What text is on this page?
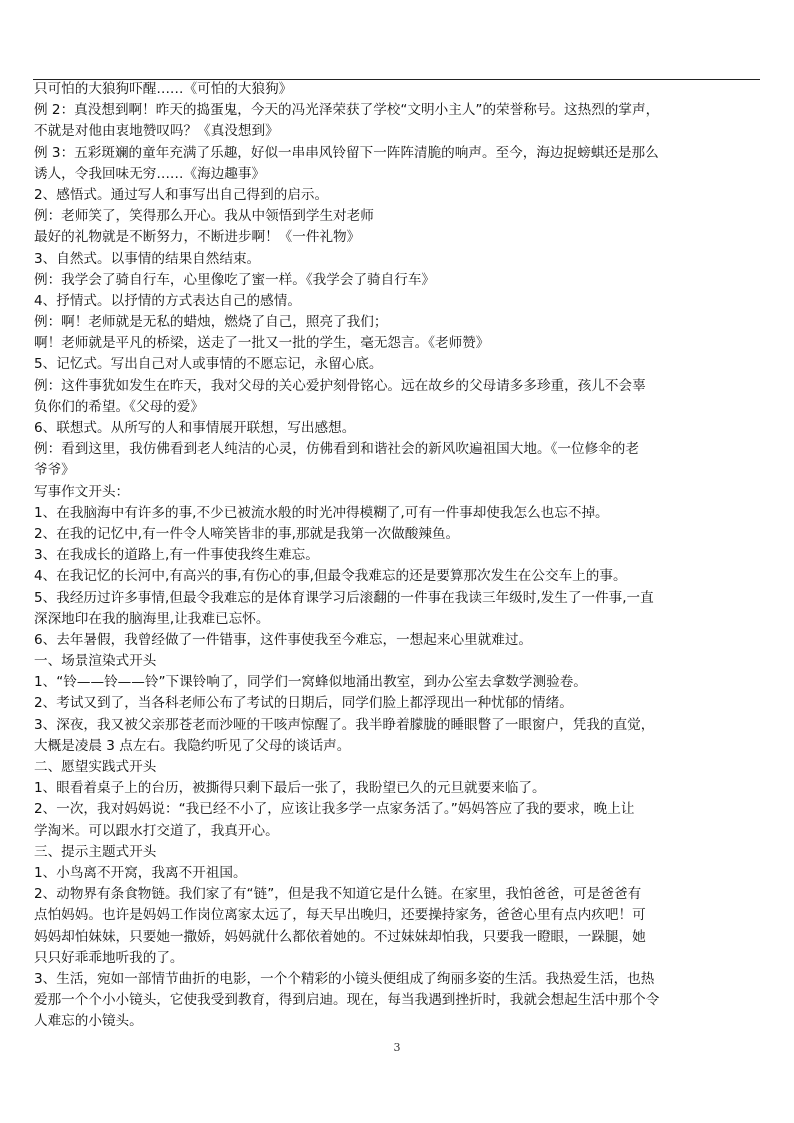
只可怕的大狼狗吓醒……《可怕的大狼狗》
例 2：真没想到啊！昨天的捣蛋鬼，今天的冯光泽荣获了学校“文明小主人”的荣誉称号。这热烈的掌声，
不就是对他由衷地赞叹吗？《真没想到》
例 3：五彩斑斓的童年充满了乐趣，好似一串串风铃留下一阵阵清脆的响声。至今，海边捉螃蜞还是那么
诱人，令我回味无穷……《海边趣事》
2、感悟式。通过写人和事写出自己得到的启示。
例：老师笑了，笑得那么开心。我从中领悟到学生对老师
最好的礼物就是不断努力，不断进步啊！《一件礼物》
3、自然式。以事情的结果自然结束。
例：我学会了骑自行车，心里像吃了蜜一样。《我学会了骑自行车》
4、抒情式。以抒情的方式表达自己的感情。
例：啊！老师就是无私的蜡烛，燃烧了自己，照亮了我们；
啊！老师就是平凡的桥梁，送走了一批又一批的学生，毫无怨言。《老师赞》
5、记忆式。写出自己对人或事情的不愿忘记，永留心底。
例：这件事犹如发生在昨天，我对父母的关心爱护刻骨铭心。远在故乡的父母请多多珍重，孩儿不会辜
负你们的希望。《父母的爱》
6、联想式。从所写的人和事情展开联想，写出感想。
例：看到这里，我仿佛看到老人纯洁的心灵，仿佛看到和谐社会的新风吹遍祖国大地。《一位修伞的老
爷爷》
写事作文开头：
1、在我脑海中有许多的事,不少已被流水般的时光冲得模糊了,可有一件事却使我怎么也忘不掉。
2、在我的记忆中,有一件令人啼笑皆非的事,那就是我第一次做酸辣鱼。
3、在我成长的道路上,有一件事使我终生难忘。
4、在我记忆的长河中,有高兴的事,有伤心的事,但最令我难忘的还是要算那次发生在公交车上的事。
5、我经历过许多事情,但最令我难忘的是体育课学习后滚翻的一件事在我读三年级时,发生了一件事,一直
深深地印在我的脑海里,让我难已忘怀。
6、去年暑假，我曾经做了一件错事，这件事使我至今难忘，一想起来心里就难过。
一、场景渲染式开头
1、“铃——铃——铃”下课铃响了，同学们一窝蜂似地涌出教室，到办公室去拿数学测验卷。
2、考试又到了，当各科老师公布了考试的日期后，同学们脸上都浮现出一种忧郁的情绪。
3、深夜，我又被父亲那苍老而沙哑的干咳声惊醒了。我半睁着朦胧的睡眼瞥了一眼窗户，凭我的直觉，
大概是凌晨 3 点左右。我隐约听见了父母的谈话声。
二、愿望实践式开头
1、眼看着桌子上的台历，被撕得只剩下最后一张了，我盼望已久的元旦就要来临了。
2、一次，我对妈妈说：“我已经不小了，应该让我多学一点家务活了。”妈妈答应了我的要求，晚上让
学淘米。可以跟水打交道了，我真开心。
三、提示主题式开头
1、小鸟离不开窝，我离不开祖国。
2、动物界有条食物链。我们家了有“链”，但是我不知道它是什么链。在家里，我怕爸爸，可是爸爸有
点怕妈妈。也许是妈妈工作岗位离家太远了，每天早出晚归，还要操持家务，爸爸心里有点内疚吧！可
妈妈却怕妹妹，只要她一撒娇，妈妈就什么都依着她的。不过妹妹却怕我，只要我一瞪眼，一跺腿，她
只只好乖乖地听我的了。
3、生活，宛如一部情节曲折的电影，一个个精彩的小镜头便组成了绚丽多姿的生活。我热爱生活，也热
爱那一个个小小镜头，它使我受到教育，得到启迪。现在，每当我遇到挫折时，我就会想起生活中那个令
人难忘的小镜头。
3
